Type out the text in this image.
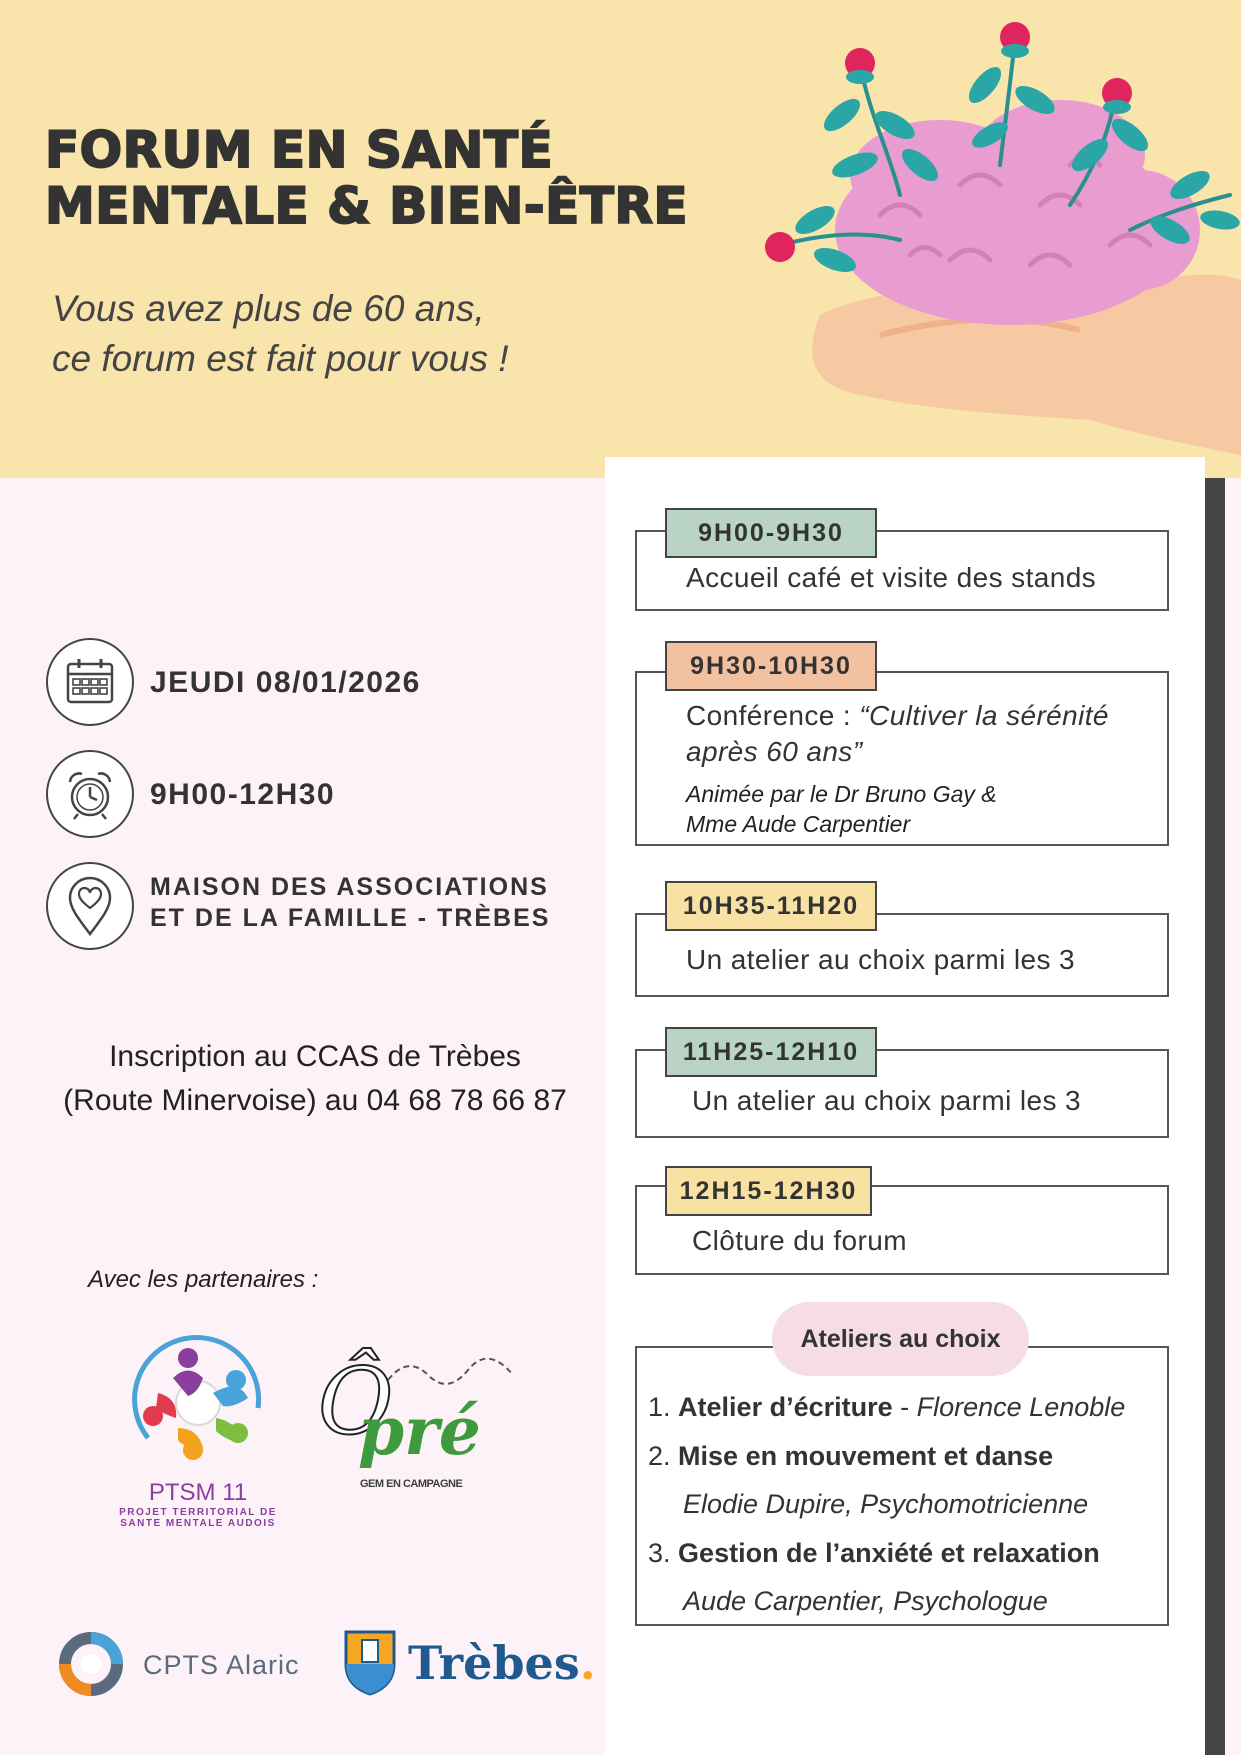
FORUM EN SANTÉ
MENTALE & BIEN-ÊTRE
Vous avez plus de 60 ans,
ce forum est fait pour vous !
JEUDI 08/01/2026
9H00-12H30
MAISON DES ASSOCIATIONS
ET DE LA FAMILLE - TRÈBES
Inscription au CCAS de Trèbes
(Route Minervoise) au 04 68 78 66 87
Avec les partenaires :
PTSM 11
PROJET TERRITORIAL DE
SANTE MENTALE AUDOIS
Ô
pré
GEM EN CAMPAGNE
CPTS Alaric Trèbes.
9H00-9H30
Accueil café et visite des stands
9H30-10H30
Conférence : “Cultiver la sérénité
après 60 ans”
Animée par le Dr Bruno Gay &
Mme Aude Carpentier
10H35-11H20
Un atelier au choix parmi les 3
11H25-12H10
Un atelier au choix parmi les 3
12H15-12H30
Clôture du forum
Ateliers au choix
1. Atelier d’écriture - Florence Lenoble
2. Mise en mouvement et danse
Elodie Dupire, Psychomotricienne
3. Gestion de l’anxiété et relaxation
Aude Carpentier, Psychologue
